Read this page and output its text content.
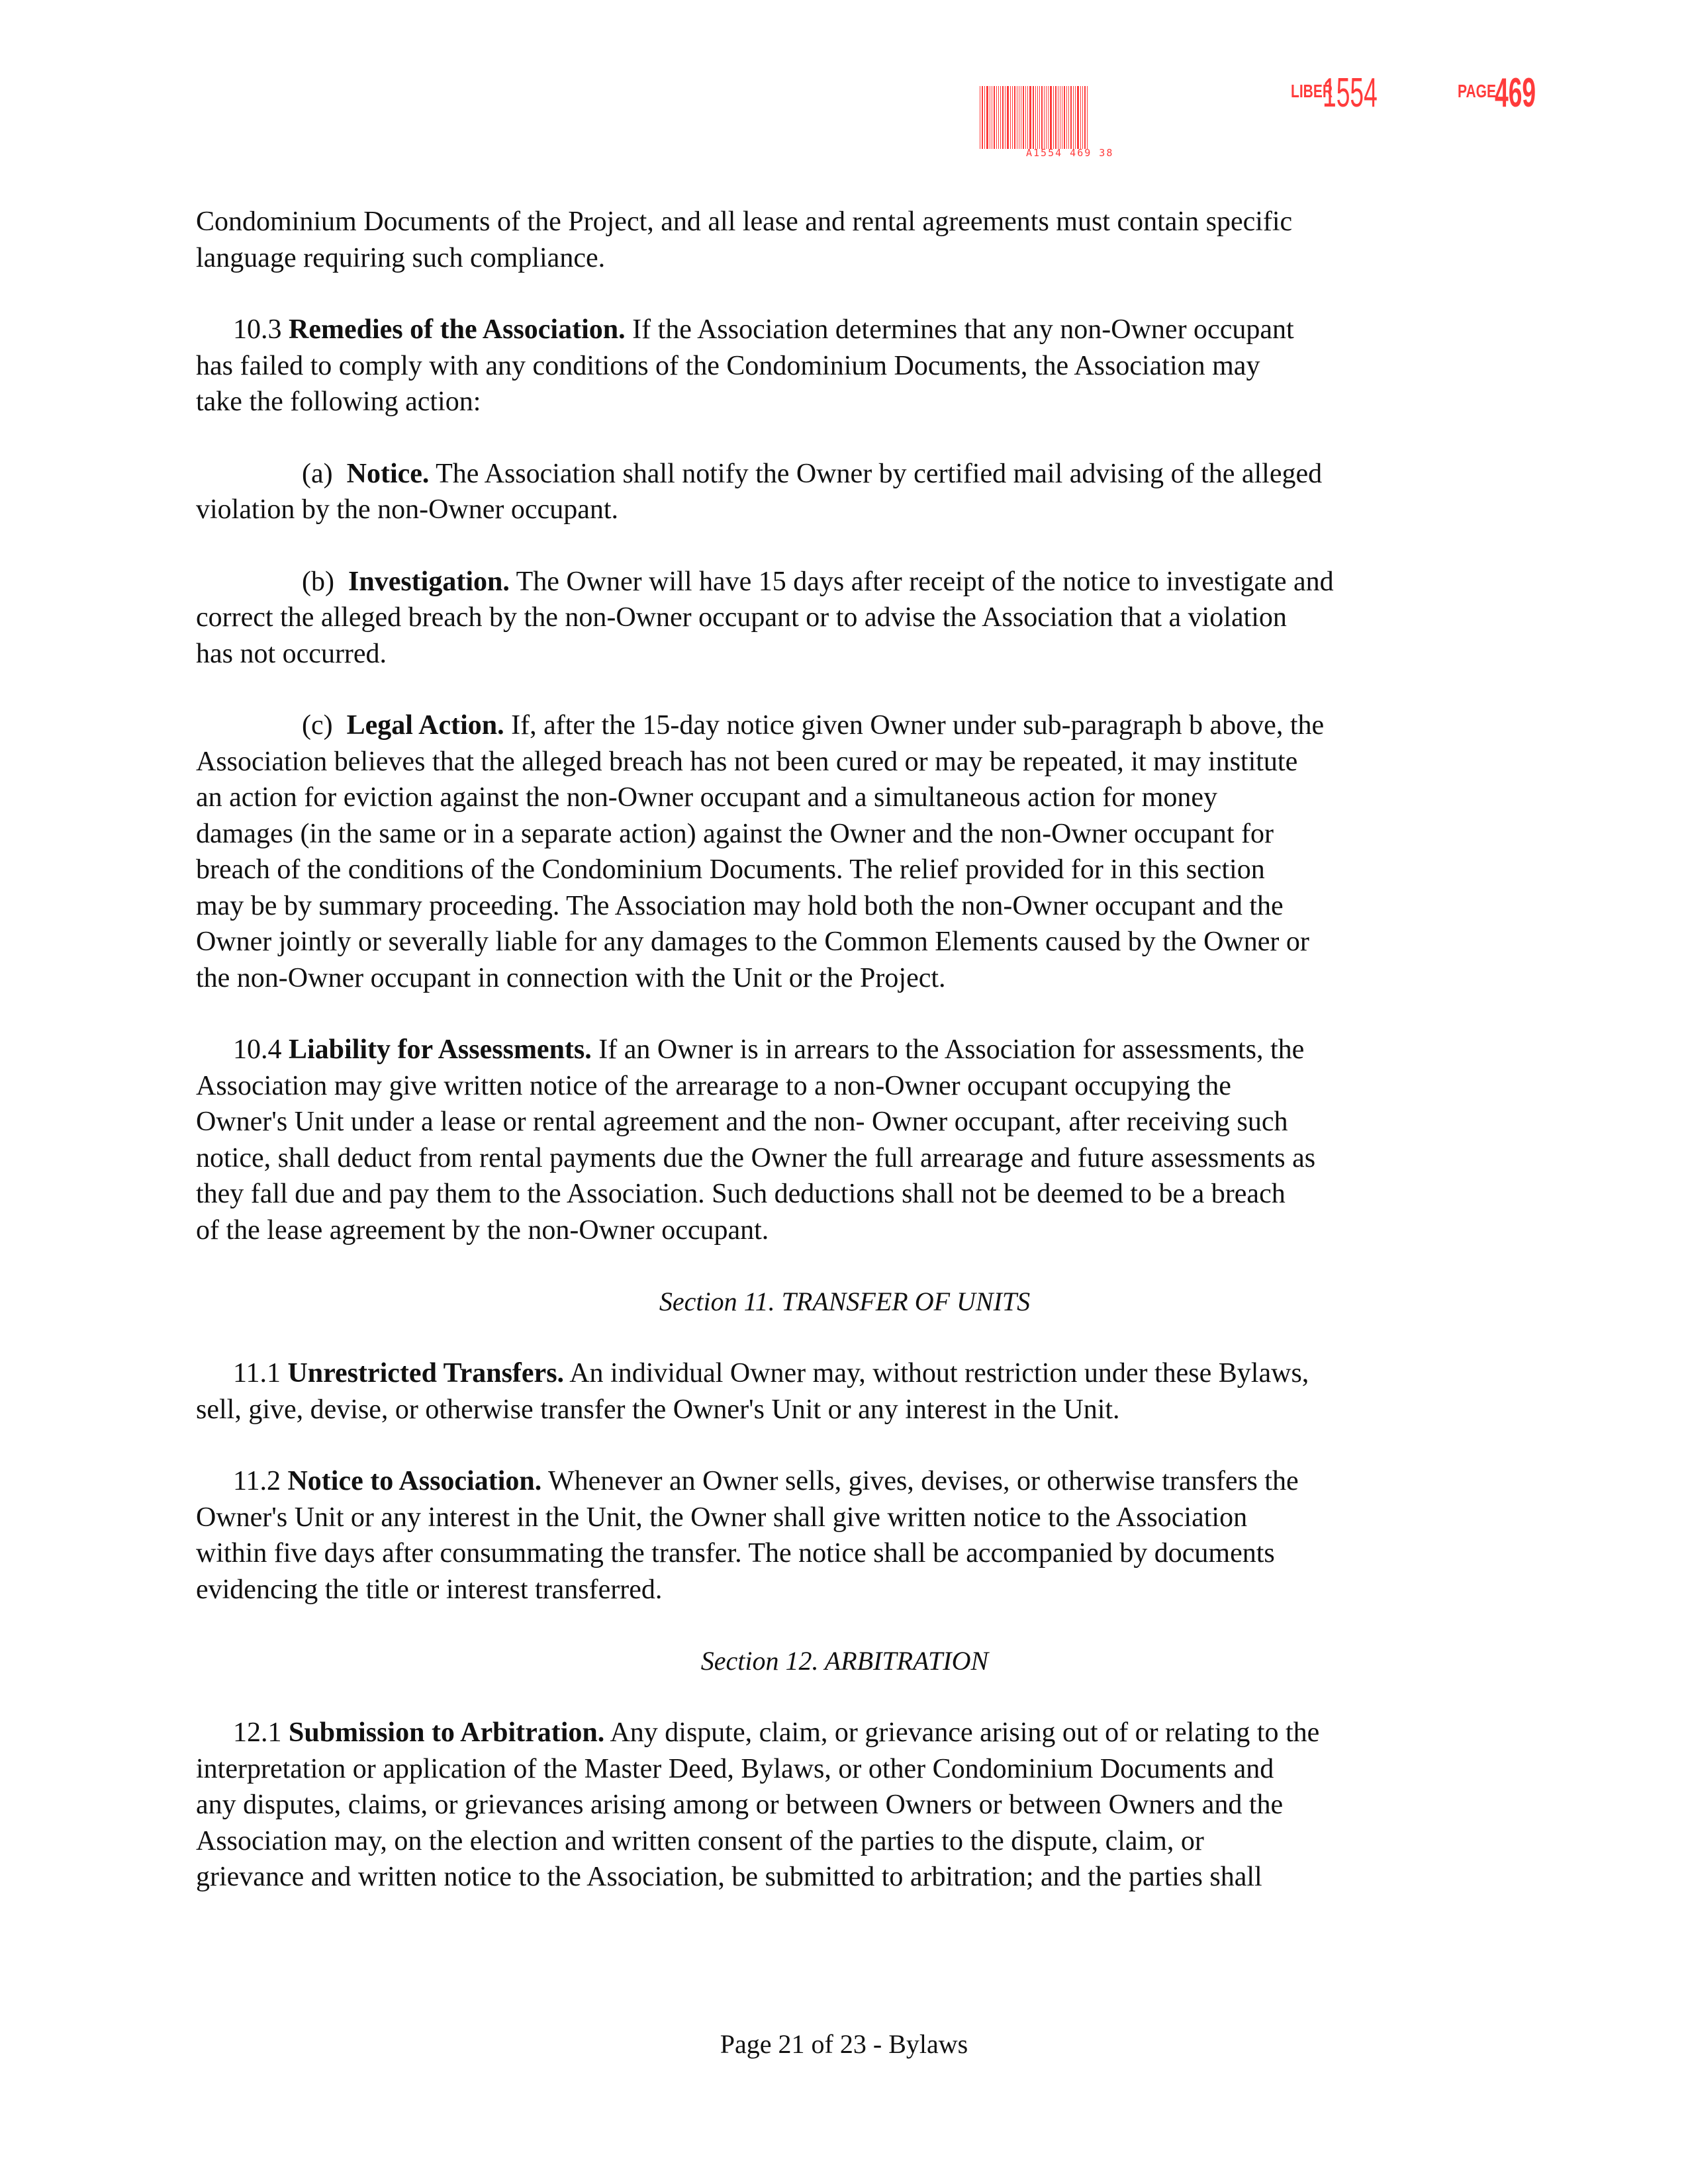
A1554 469 38
LIBER
1554	PAGE
469
Condominium Documents of the Project, and all lease and rental agreements must contain specific
language requiring such compliance.
10.3 Remedies of the Association. If the Association determines that any non-Owner occupant
has failed to comply with any conditions of the Condominium Documents, the Association may
take the following action:
(a) Notice. The Association shall notify the Owner by certified mail advising of the alleged
violation by the non-Owner occupant.
(b) Investigation. The Owner will have 15 days after receipt of the notice to investigate and
correct the alleged breach by the non-Owner occupant or to advise the Association that a violation
has not occurred.
(c) Legal Action. If, after the 15-day notice given Owner under sub-paragraph b above, the
Association believes that the alleged breach has not been cured or may be repeated, it may institute
an action for eviction against the non-Owner occupant and a simultaneous action for money
damages (in the same or in a separate action) against the Owner and the non-Owner occupant for
breach of the conditions of the Condominium Documents. The relief provided for in this section
may be by summary proceeding. The Association may hold both the non-Owner occupant and the
Owner jointly or severally liable for any damages to the Common Elements caused by the Owner or
the non-Owner occupant in connection with the Unit or the Project.
10.4 Liability for Assessments. If an Owner is in arrears to the Association for assessments, the
Association may give written notice of the arrearage to a non-Owner occupant occupying the
Owner's Unit under a lease or rental agreement and the non- Owner occupant, after receiving such
notice, shall deduct from rental payments due the Owner the full arrearage and future assessments as
they fall due and pay them to the Association. Such deductions shall not be deemed to be a breach
of the lease agreement by the non-Owner occupant.
Section 11. TRANSFER OF UNITS
11.1 Unrestricted Transfers. An individual Owner may, without restriction under these Bylaws,
sell, give, devise, or otherwise transfer the Owner's Unit or any interest in the Unit.
11.2 Notice to Association. Whenever an Owner sells, gives, devises, or otherwise transfers the
Owner's Unit or any interest in the Unit, the Owner shall give written notice to the Association
within five days after consummating the transfer. The notice shall be accompanied by documents
evidencing the title or interest transferred.
Section 12. ARBITRATION
12.1 Submission to Arbitration. Any dispute, claim, or grievance arising out of or relating to the
interpretation or application of the Master Deed, Bylaws, or other Condominium Documents and
any disputes, claims, or grievances arising among or between Owners or between Owners and the
Association may, on the election and written consent of the parties to the dispute, claim, or
grievance and written notice to the Association, be submitted to arbitration; and the parties shall
Page 21 of 23 - Bylaws
